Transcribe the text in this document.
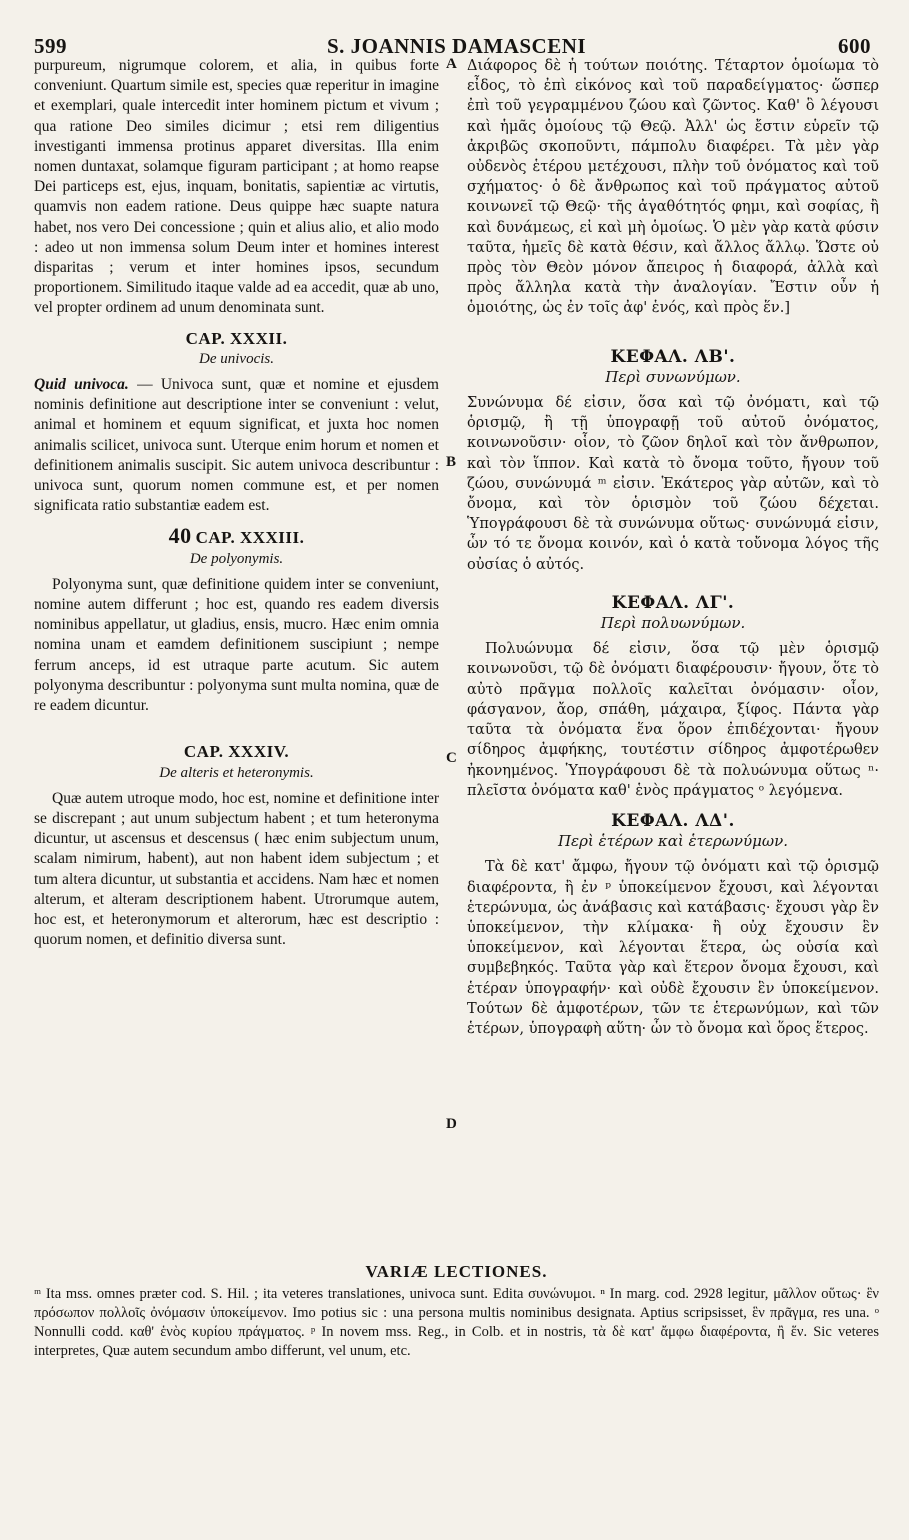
599	S. JOANNIS DAMASCENI	600
A
B
C
D

purpureum, nigrumque colorem, et alia, in quibus forte conveniunt. Quartum simile est, species quæ reperitur in imagine et exemplari, quale intercedit inter hominem pictum et vivum ; qua ratione Deo similes dicimur ; etsi rem diligentius investiganti immensa protinus apparet diversitas. Illa enim nomen duntaxat, solamque figuram participant ; at homo reapse Dei particeps est, ejus, inquam, bonitatis, sapientiæ ac virtutis, quamvis non eadem ratione. Deus quippe hæc suapte natura habet, nos vero Dei concessione ; quin et alius alio, et alio modo : adeo ut non immensa solum Deum inter et homines interest disparitas ; verum et inter homines ipsos, secundum proportionem. Similitudo itaque valde ad ea accedit, quæ ab uno, vel propter ordinem ad unum denominata sunt.

CAP. XXXII.
De univocis.

Quid univoca. — Univoca sunt, quæ et nomine et ejusdem nominis definitione aut descriptione inter se conveniunt : velut, animal et hominem et equum significat, et juxta hoc nomen animalis scilicet, univoca sunt. Uterque enim horum et nomen et definitionem animalis suscipit. Sic autem univoca describuntur : univoca sunt, quorum nomen commune est, et per nomen significata ratio substantiæ eadem est.

40 CAP. XXXIII.
De polyonymis.

Polyonyma sunt, quæ definitione quidem inter se conveniunt, nomine autem differunt ; hoc est, quando res eadem diversis nominibus appellatur, ut gladius, ensis, mucro. Hæc enim omnia nomina unam et eamdem definitionem suscipiunt ; nempe ferrum anceps, id est utraque parte acutum. Sic autem polyonyma describuntur : polyonyma sunt multa nomina, quæ de re eadem dicuntur.

CAP. XXXIV.
De alteris et heteronymis.

Quæ autem utroque modo, hoc est, nomine et definitione inter se discrepant ; aut unum subjectum habent ; et tum heteronyma dicuntur, ut ascensus et descensus ( hæc enim subjectum unum, scalam nimirum, habent), aut non habent idem subjectum ; et tum altera dicuntur, ut substantia et accidens. Nam hæc et nomen alterum, et alteram descriptionem habent. Utrorumque autem, hoc est, et heteronymorum et alterorum, hæc est descriptio : quorum nomen, et definitio diversa sunt.

Διάφορος δὲ ἡ τούτων ποιότης. Τέταρτον ὁμοίωμα τὸ εἶδος, τὸ ἐπὶ εἰκόνος καὶ τοῦ παραδείγματος· ὥσπερ ἐπὶ τοῦ γεγραμμένου ζώου καὶ ζῶντος. Καθ' ὃ λέγουσι καὶ ἡμᾶς ὁμοίους τῷ Θεῷ. Ἀλλ' ὡς ἔστιν εὑρεῖν τῷ ἀκριβῶς σκοποῦντι, πάμπολυ διαφέρει. Τὰ μὲν γὰρ οὐδενὸς ἑτέρου μετέχουσι, πλὴν τοῦ ὀνόματος καὶ τοῦ σχήματος· ὁ δὲ ἄνθρωπος καὶ τοῦ πράγματος αὐτοῦ κοινωνεῖ τῷ Θεῷ· τῆς ἀγαθότητός φημι, καὶ σοφίας, ἢ καὶ δυνάμεως, εἰ καὶ μὴ ὁμοίως. Ὁ μὲν γὰρ κατὰ φύσιν ταῦτα, ἡμεῖς δὲ κατὰ θέσιν, καὶ ἄλλος ἄλλῳ. Ὥστε οὐ πρὸς τὸν Θεὸν μόνον ἄπειρος ἡ διαφορά, ἀλλὰ καὶ πρὸς ἄλληλα κατὰ τὴν ἀναλογίαν. Ἔστιν οὖν ἡ ὁμοιότης, ὡς ἐν τοῖς ἀφ' ἑνός, καὶ πρὸς ἕν.]

ΚΕΦΑΛ. ΛΒ'.
Περὶ συνωνύμων.

Συνώνυμα δέ εἰσιν, ὅσα καὶ τῷ ὀνόματι, καὶ τῷ ὁρισμῷ, ἢ τῇ ὑπογραφῇ τοῦ αὐτοῦ ὀνόματος, κοινωνοῦσιν· οἷον, τὸ ζῶον δηλοῖ καὶ τὸν ἄνθρωπον, καὶ τὸν ἵππον. Καὶ κατὰ τὸ ὄνομα τοῦτο, ἤγουν τοῦ ζώου, συνώνυμά ᵐ εἰσιν. Ἑκάτερος γὰρ αὐτῶν, καὶ τὸ ὄνομα, καὶ τὸν ὁρισμὸν τοῦ ζώου δέχεται. Ὑπογράφουσι δὲ τὰ συνώνυμα οὕτως· συνώνυμά εἰσιν, ὧν τό τε ὄνομα κοινόν, καὶ ὁ κατὰ τοὔνομα λόγος τῆς οὐσίας ὁ αὐτός.

ΚΕΦΑΛ. ΛΓ'.
Περὶ πολυωνύμων.

Πολυώνυμα δέ εἰσιν, ὅσα τῷ μὲν ὁρισμῷ κοινωνοῦσι, τῷ δὲ ὀνόματι διαφέρουσιν· ἤγουν, ὅτε τὸ αὐτὸ πρᾶγμα πολλοῖς καλεῖται ὀνόμασιν· οἷον, φάσγανον, ἄορ, σπάθη, μάχαιρα, ξίφος. Πάντα γὰρ ταῦτα τὰ ὀνόματα ἕνα ὅρον ἐπιδέχονται· ἤγουν σίδηρος ἀμφήκης, τουτέστιν σίδηρος ἀμφοτέρωθεν ἠκονημένος. Ὑπογράφουσι δὲ τὰ πολυώνυμα οὕτως ⁿ· πλεῖστα ὀνόματα καθ' ἑνὸς πράγματος ᵒ λεγόμενα.

ΚΕΦΑΛ. ΛΔ'.
Περὶ ἑτέρων καὶ ἑτερωνύμων.

Τὰ δὲ κατ' ἄμφω, ἤγουν τῷ ὀνόματι καὶ τῷ ὁρισμῷ διαφέροντα, ἢ ἐν ᵖ ὑποκείμενον ἔχουσι, καὶ λέγονται ἑτερώνυμα, ὡς ἀνάβασις καὶ κατάβασις· ἔχουσι γὰρ ἓν ὑποκείμενον, τὴν κλίμακα· ἢ οὐχ ἔχουσιν ἓν ὑποκείμενον, καὶ λέγονται ἕτερα, ὡς οὐσία καὶ συμβεβηκός. Ταῦτα γὰρ καὶ ἕτερον ὄνομα ἔχουσι, καὶ ἑτέραν ὑπογραφήν· καὶ οὐδὲ ἔχουσιν ἓν ὑποκείμενον. Τούτων δὲ ἀμφοτέρων, τῶν τε ἑτερωνύμων, καὶ τῶν ἑτέρων, ὑπογραφὴ αὕτη· ὧν τὸ ὄνομα καὶ ὅρος ἕτερος.

VARIÆ LECTIONES.

ᵐ Ita mss. omnes præter cod. S. Hil. ; ita veteres translationes, univoca sunt. Edita συνώνυμοι. ⁿ In marg. cod. 2928 legitur, μᾶλλον οὕτως· ἓν πρόσωπον πολλοῖς ὀνόμασιν ὑποκείμενον. Imo potius sic : una persona multis nominibus designata. Aptius scripsisset, ἓν πρᾶγμα, res una. ᵒ Nonnulli codd. καθ' ἑνὸς κυρίου πράγματος. ᵖ In novem mss. Reg., in Colb. et in nostris, τὰ δὲ κατ' ἄμφω διαφέροντα, ἢ ἕν. Sic veteres interpretes, Quæ autem secundum ambo differunt, vel unum, etc.
